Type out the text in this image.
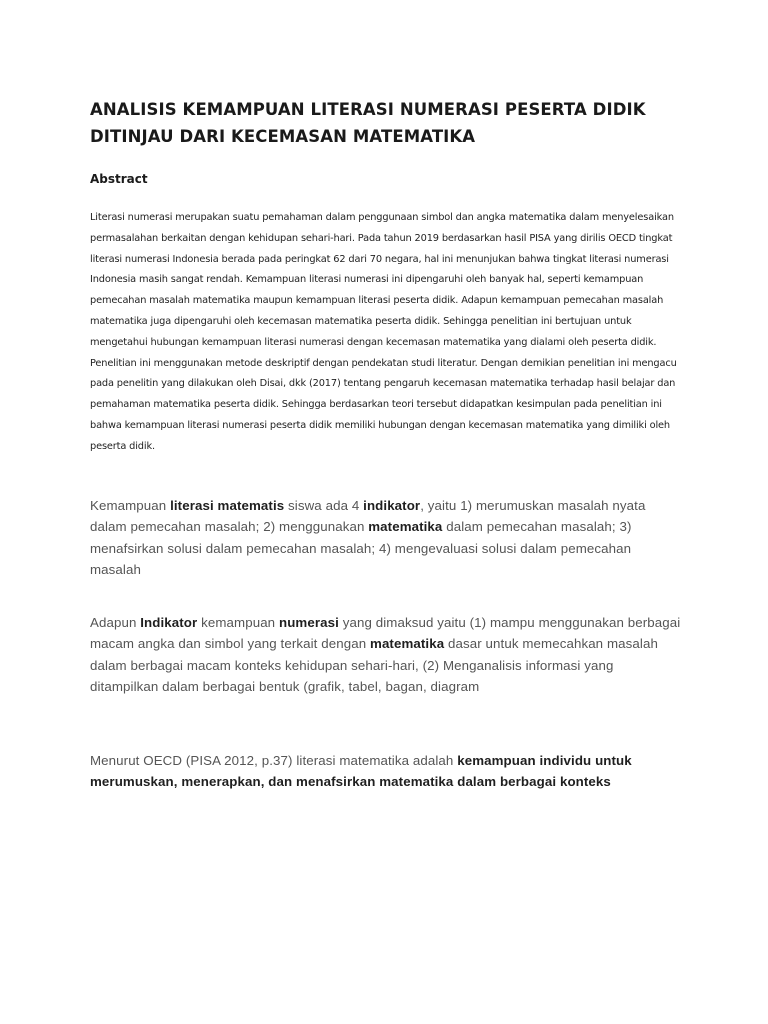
ANALISIS KEMAMPUAN LITERASI NUMERASI PESERTA DIDIK DITINJAU DARI KECEMASAN MATEMATIKA
Abstract

Literasi numerasi merupakan suatu pemahaman dalam penggunaan simbol dan angka matematika dalam menyelesaikan permasalahan berkaitan dengan kehidupan sehari-hari. Pada tahun 2019 berdasarkan hasil PISA yang dirilis OECD tingkat literasi numerasi Indonesia berada pada peringkat 62 dari 70 negara, hal ini menunjukan bahwa tingkat literasi numerasi Indonesia masih sangat rendah. Kemampuan literasi numerasi ini dipengaruhi oleh banyak hal, seperti kemampuan pemecahan masalah matematika maupun kemampuan literasi peserta didik. Adapun kemampuan pemecahan masalah matematika juga dipengaruhi oleh kecemasan matematika peserta didik. Sehingga penelitian ini bertujuan untuk mengetahui hubungan kemampuan literasi numerasi dengan kecemasan matematika yang dialami oleh peserta didik. Penelitian ini menggunakan metode deskriptif dengan pendekatan studi literatur. Dengan demikian penelitian ini mengacu pada penelitin yang dilakukan oleh Disai, dkk (2017) tentang pengaruh kecemasan matematika terhadap hasil belajar dan pemahaman matematika peserta didik. Sehingga berdasarkan teori tersebut didapatkan kesimpulan pada penelitian ini bahwa kemampuan literasi numerasi peserta didik memiliki hubungan dengan kecemasan matematika yang dimiliki oleh peserta didik.

Kemampuan literasi matematis siswa ada 4 indikator, yaitu 1) merumuskan masalah nyata dalam pemecahan masalah; 2) menggunakan matematika dalam pemecahan masalah; 3) menafsirkan solusi dalam pemecahan masalah; 4) mengevaluasi solusi dalam pemecahan masalah

Adapun Indikator kemampuan numerasi yang dimaksud yaitu (1) mampu menggunakan berbagai macam angka dan simbol yang terkait dengan matematika dasar untuk memecahkan masalah dalam berbagai macam konteks kehidupan sehari-hari, (2) Menganalisis informasi yang ditampilkan dalam berbagai bentuk (grafik, tabel, bagan, diagram

Menurut OECD (PISA 2012, p.37) literasi matematika adalah kemampuan individu untuk merumuskan, menerapkan, dan menafsirkan matematika dalam berbagai konteks
